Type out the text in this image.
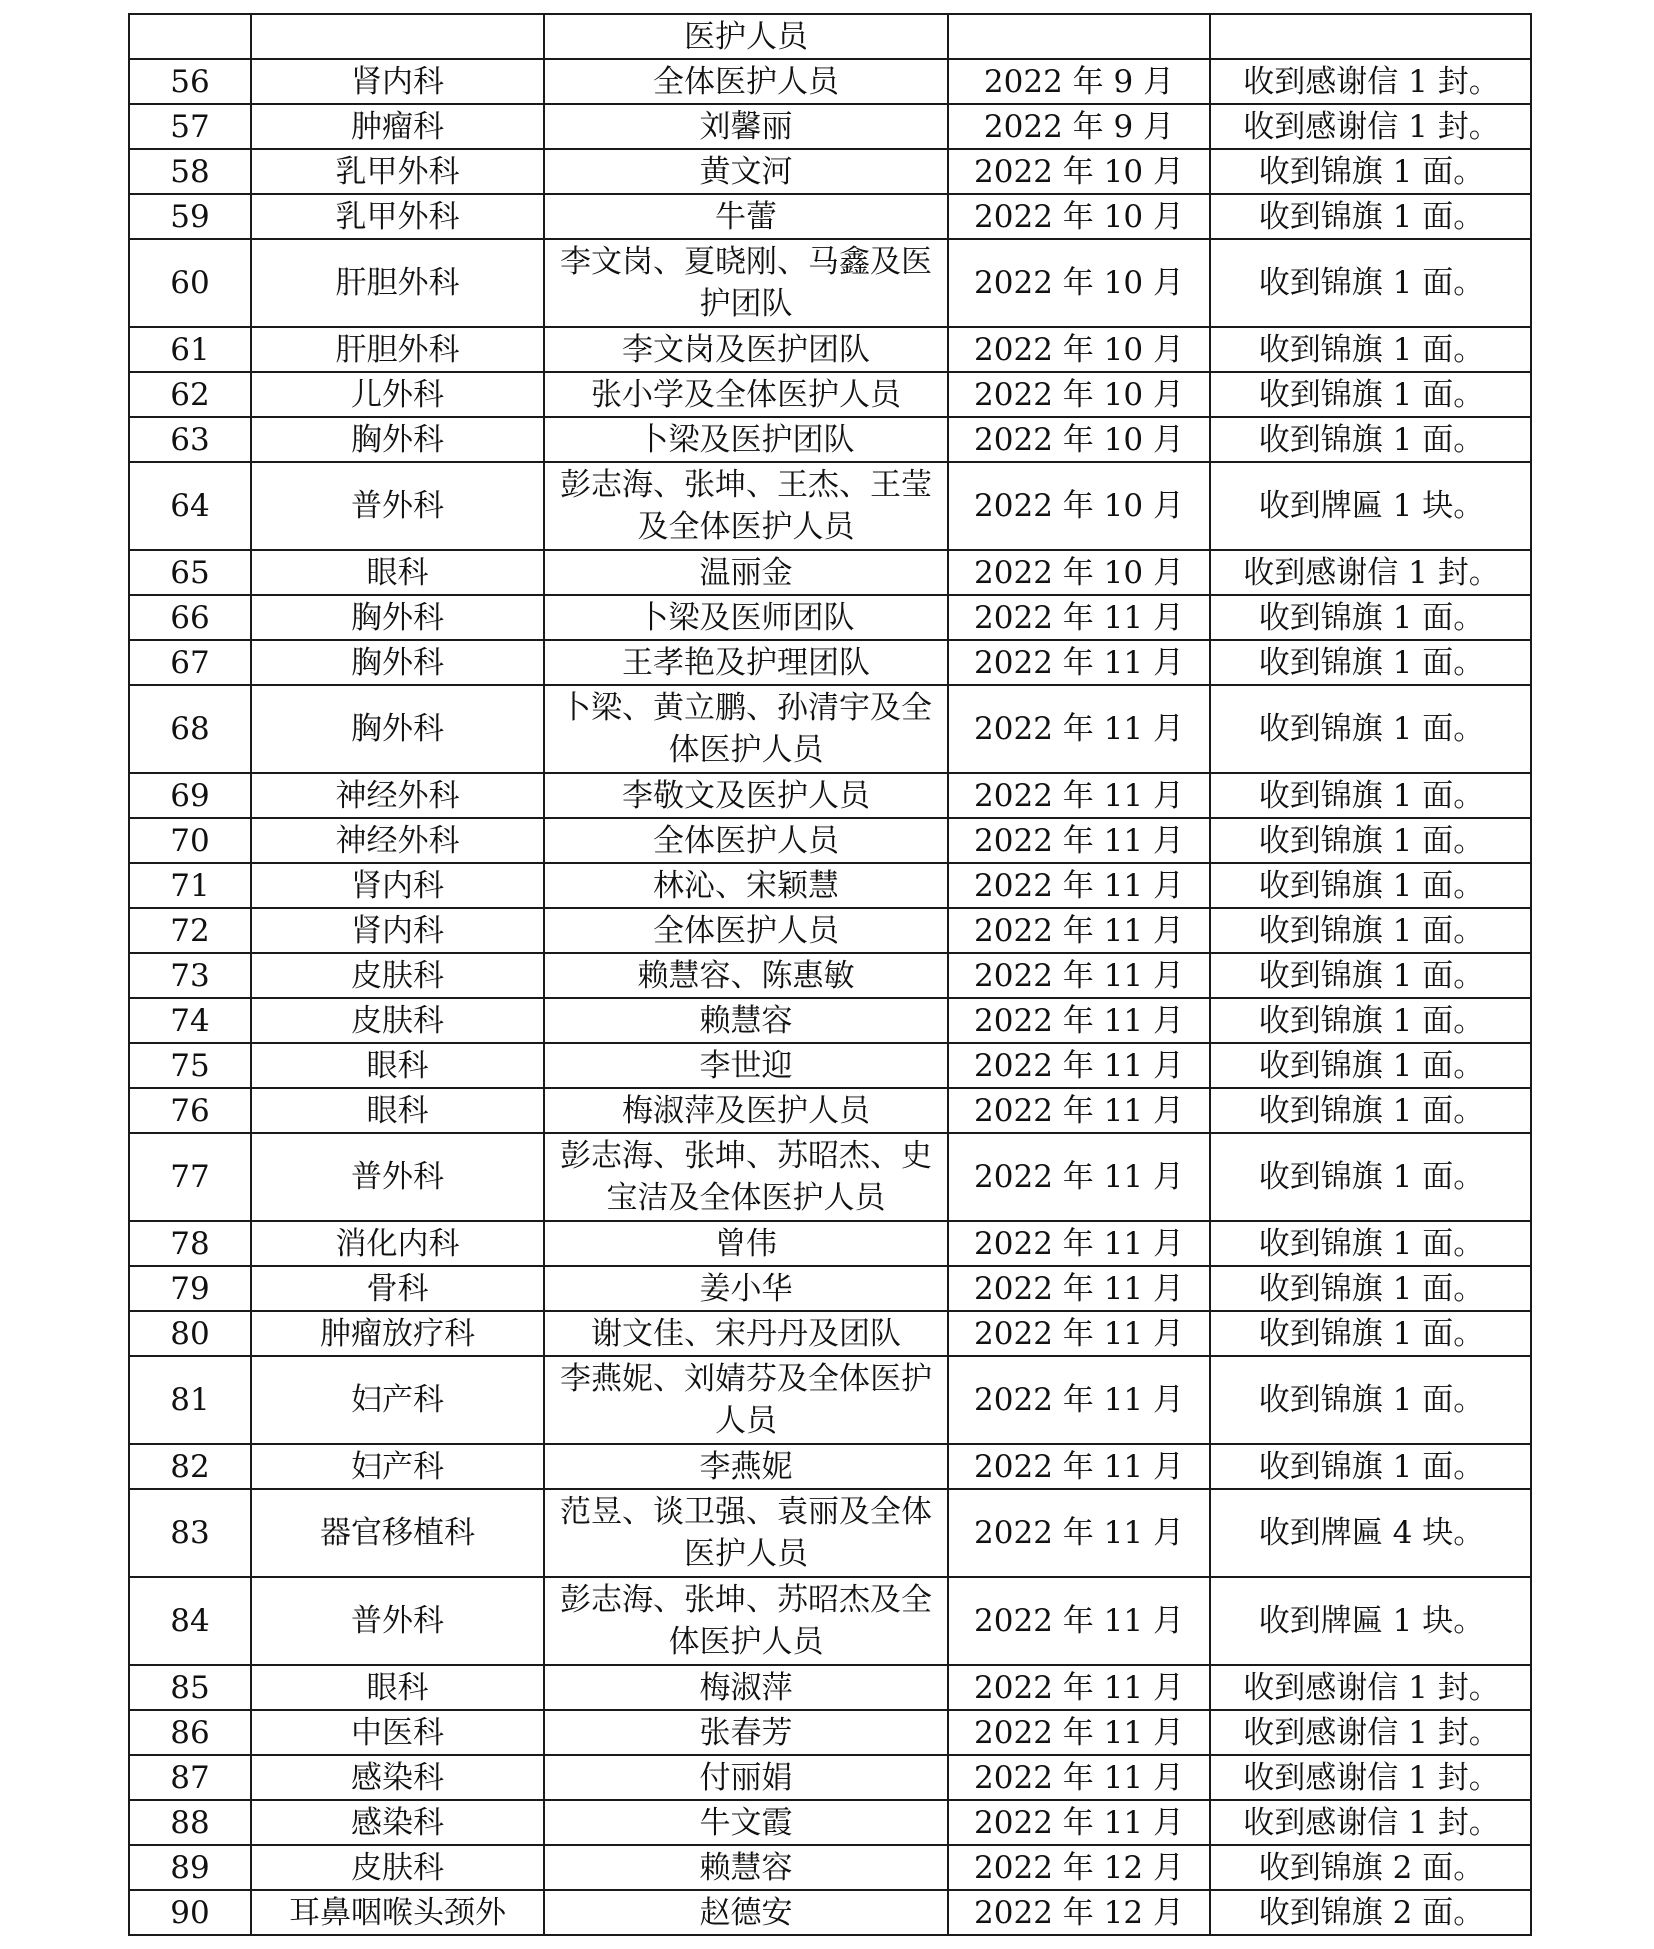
		医护人员		
56	肾内科	全体医护人员	2022 年 9 月	收到感谢信 1 封。
57	肿瘤科	刘馨丽	2022 年 9 月	收到感谢信 1 封。
58	乳甲外科	黄文河	2022 年 10 月	收到锦旗 1 面。
59	乳甲外科	牛蕾	2022 年 10 月	收到锦旗 1 面。
60	肝胆外科	李文岗、夏晓刚、马鑫及医护团队	2022 年 10 月	收到锦旗 1 面。
61	肝胆外科	李文岗及医护团队	2022 年 10 月	收到锦旗 1 面。
62	儿外科	张小学及全体医护人员	2022 年 10 月	收到锦旗 1 面。
63	胸外科	卜梁及医护团队	2022 年 10 月	收到锦旗 1 面。
64	普外科	彭志海、张坤、王杰、王莹及全体医护人员	2022 年 10 月	收到牌匾 1 块。
65	眼科	温丽金	2022 年 10 月	收到感谢信 1 封。
66	胸外科	卜梁及医师团队	2022 年 11 月	收到锦旗 1 面。
67	胸外科	王孝艳及护理团队	2022 年 11 月	收到锦旗 1 面。
68	胸外科	卜梁、黄立鹏、孙清宇及全体医护人员	2022 年 11 月	收到锦旗 1 面。
69	神经外科	李敬文及医护人员	2022 年 11 月	收到锦旗 1 面。
70	神经外科	全体医护人员	2022 年 11 月	收到锦旗 1 面。
71	肾内科	林沁、宋颖慧	2022 年 11 月	收到锦旗 1 面。
72	肾内科	全体医护人员	2022 年 11 月	收到锦旗 1 面。
73	皮肤科	赖慧容、陈惠敏	2022 年 11 月	收到锦旗 1 面。
74	皮肤科	赖慧容	2022 年 11 月	收到锦旗 1 面。
75	眼科	李世迎	2022 年 11 月	收到锦旗 1 面。
76	眼科	梅淑萍及医护人员	2022 年 11 月	收到锦旗 1 面。
77	普外科	彭志海、张坤、苏昭杰、史宝洁及全体医护人员	2022 年 11 月	收到锦旗 1 面。
78	消化内科	曾伟	2022 年 11 月	收到锦旗 1 面。
79	骨科	姜小华	2022 年 11 月	收到锦旗 1 面。
80	肿瘤放疗科	谢文佳、宋丹丹及团队	2022 年 11 月	收到锦旗 1 面。
81	妇产科	李燕妮、刘婧芬及全体医护人员	2022 年 11 月	收到锦旗 1 面。
82	妇产科	李燕妮	2022 年 11 月	收到锦旗 1 面。
83	器官移植科	范昱、谈卫强、袁丽及全体医护人员	2022 年 11 月	收到牌匾 4 块。
84	普外科	彭志海、张坤、苏昭杰及全体医护人员	2022 年 11 月	收到牌匾 1 块。
85	眼科	梅淑萍	2022 年 11 月	收到感谢信 1 封。
86	中医科	张春芳	2022 年 11 月	收到感谢信 1 封。
87	感染科	付丽娟	2022 年 11 月	收到感谢信 1 封。
88	感染科	牛文霞	2022 年 11 月	收到感谢信 1 封。
89	皮肤科	赖慧容	2022 年 12 月	收到锦旗 2 面。
90	耳鼻咽喉头颈外	赵德安	2022 年 12 月	收到锦旗 2 面。
